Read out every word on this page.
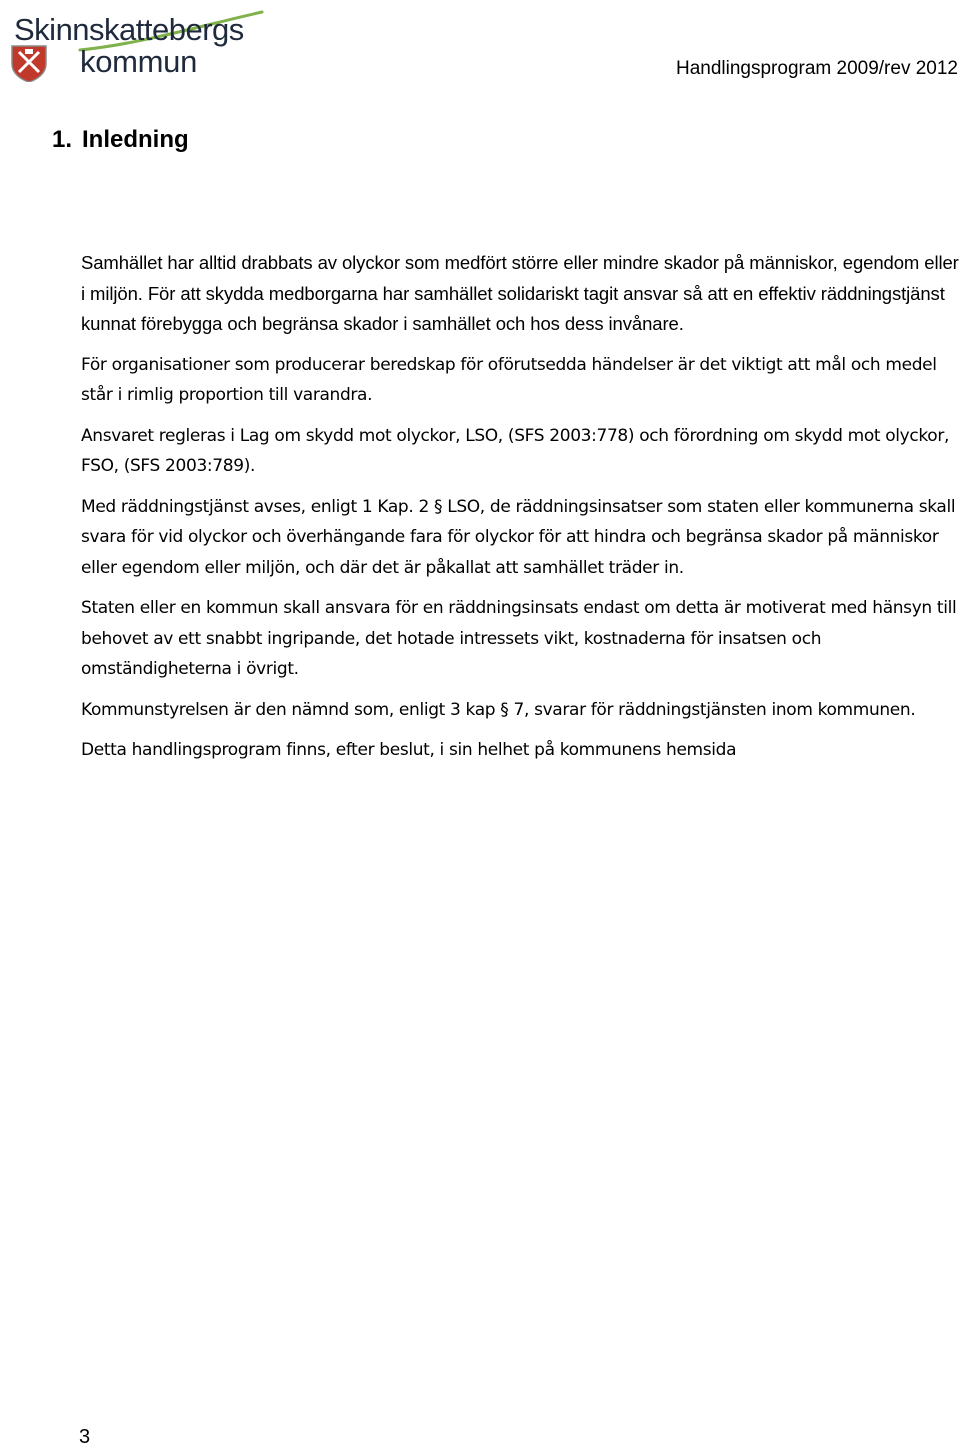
Skinnskattebergs
kommun	Handlingsprogram 2009/rev 2012
1. Inledning

Samhället har alltid drabbats av olyckor som medfört större eller mindre skador på människor, egendom eller i miljön. För att skydda medborgarna har samhället solidariskt tagit ansvar så att en effektiv räddningstjänst kunnat förebygga och begränsa skador i samhället och hos dess invånare.

För organisationer som producerar beredskap för oförutsedda händelser är det viktigt att mål och medel står i rimlig proportion till varandra.

Ansvaret regleras i Lag om skydd mot olyckor, LSO, (SFS 2003:778) och förordning om skydd mot olyckor, FSO, (SFS 2003:789).

Med räddningstjänst avses, enligt 1 Kap. 2 § LSO, de räddningsinsatser som staten eller kommunerna skall svara för vid olyckor och överhängande fara för olyckor för att hindra och begränsa skador på människor eller egendom eller miljön, och där det är påkallat att samhället träder in.

Staten eller en kommun skall ansvara för en räddningsinsats endast om detta är motiverat med hänsyn till behovet av ett snabbt ingripande, det hotade intressets vikt, kostnaderna för insatsen och omständigheterna i övrigt.

Kommunstyrelsen är den nämnd som, enligt 3 kap § 7, svarar för räddningstjänsten inom kommunen.

Detta handlingsprogram finns, efter beslut, i sin helhet på kommunens hemsida

3
